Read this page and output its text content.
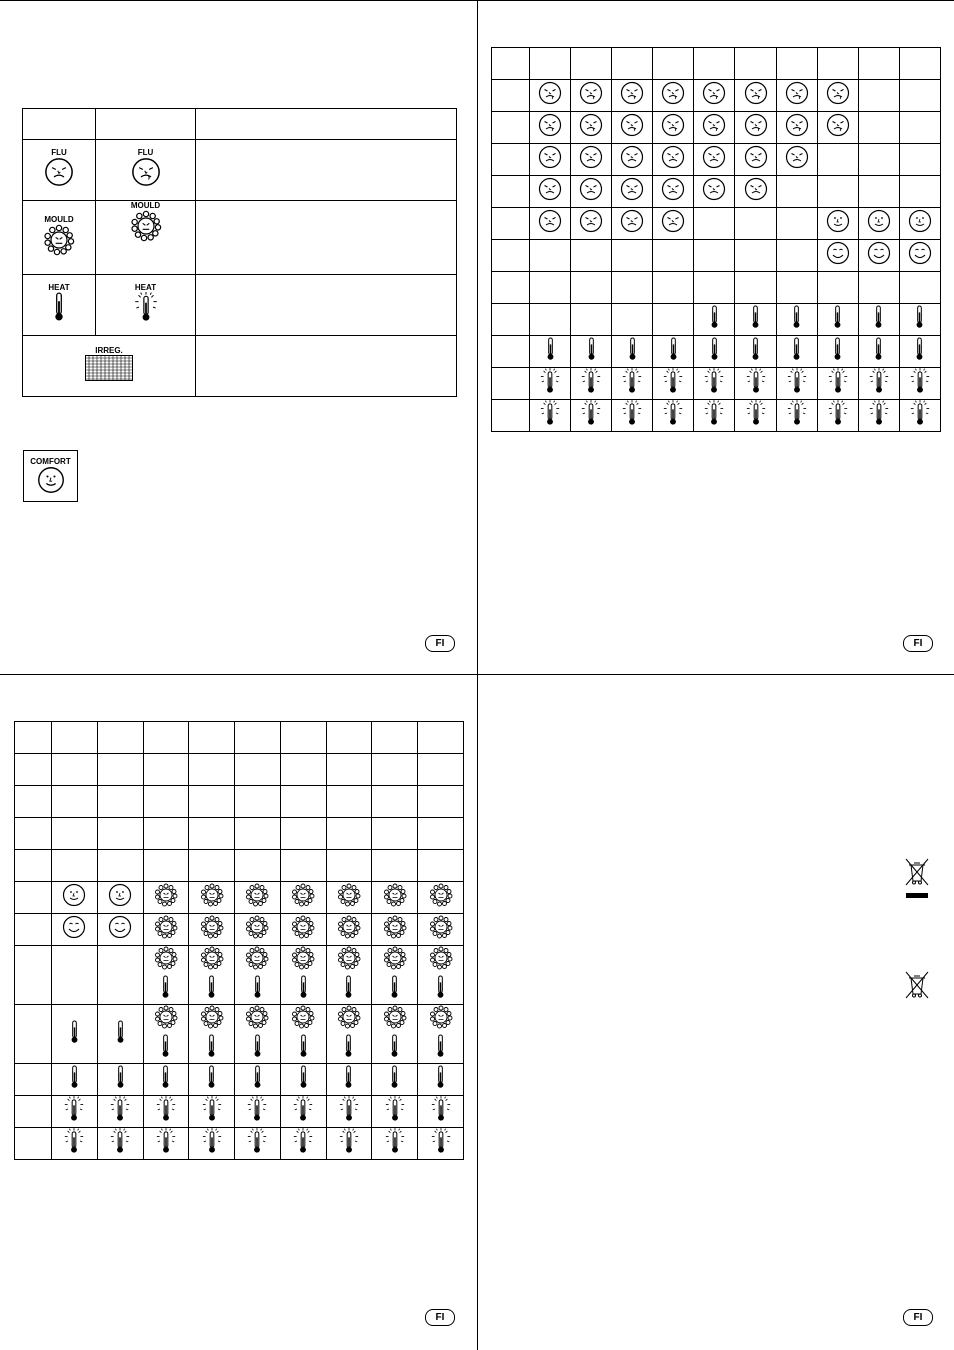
FLU	FLU	

MOULD	MOULD	

HEAT	HEAT	

IRREG.		

COMFORT
FI

											FI

FI	FI
